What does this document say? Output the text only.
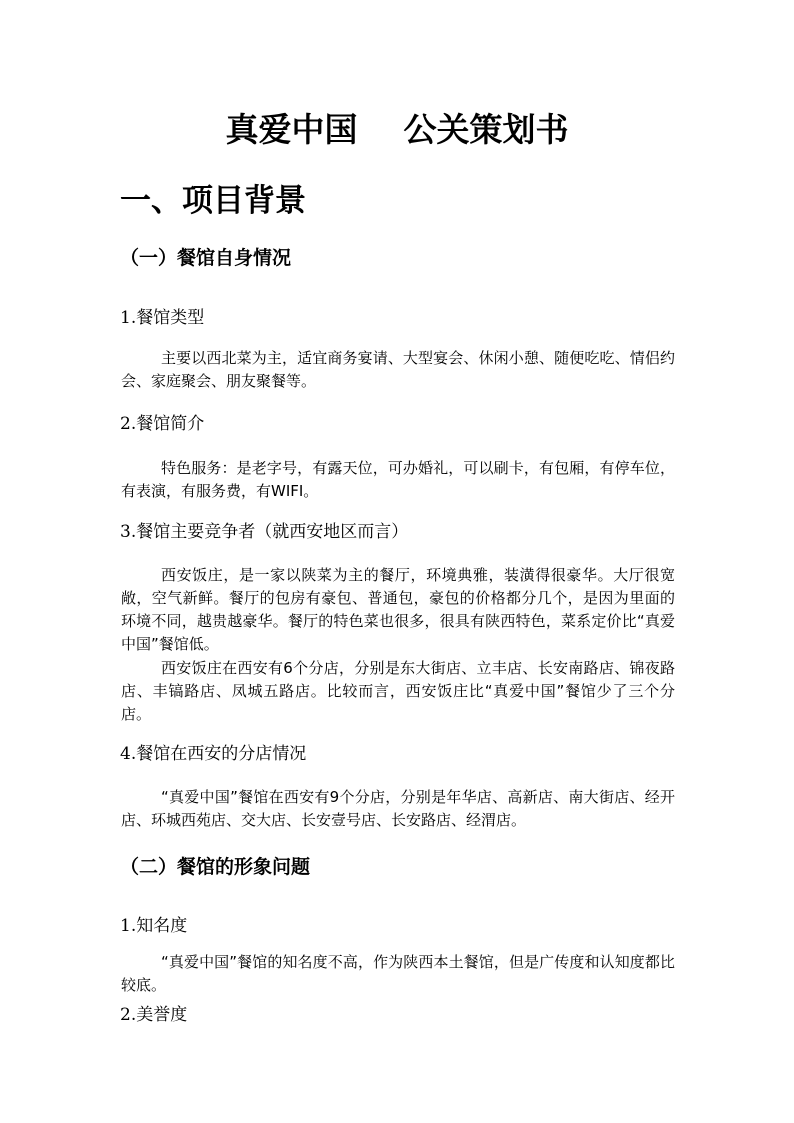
真爱中国    公关策划书
一、项目背景
（一）餐馆自身情况
1.餐馆类型

主要以西北菜为主，适宜商务宴请、大型宴会、休闲小憩、随便吃吃、情侣约会、家庭聚会、朋友聚餐等。

2.餐馆简介

特色服务：是老字号，有露天位，可办婚礼，可以刷卡，有包厢，有停车位，有表演，有服务费，有WIFI。

3.餐馆主要竞争者（就西安地区而言）

西安饭庄，是一家以陕菜为主的餐厅，环境典雅，装潢得很豪华。大厅很宽敞，空气新鲜。餐厅的包房有豪包、普通包，豪包的价格都分几个，是因为里面的环境不同，越贵越豪华。餐厅的特色菜也很多，很具有陕西特色，菜系定价比“真爱中国”餐馆低。

西安饭庄在西安有6个分店，分别是东大街店、立丰店、长安南路店、锦夜路店、丰镐路店、凤城五路店。比较而言，西安饭庄比“真爱中国”餐馆少了三个分店。

4.餐馆在西安的分店情况

“真爱中国”餐馆在西安有9个分店，分别是年华店、高新店、南大街店、经开店、环城西苑店、交大店、长安壹号店、长安路店、经渭店。

（二）餐馆的形象问题
1.知名度

“真爱中国”餐馆的知名度不高，作为陕西本土餐馆，但是广传度和认知度都比较底。

2.美誉度
